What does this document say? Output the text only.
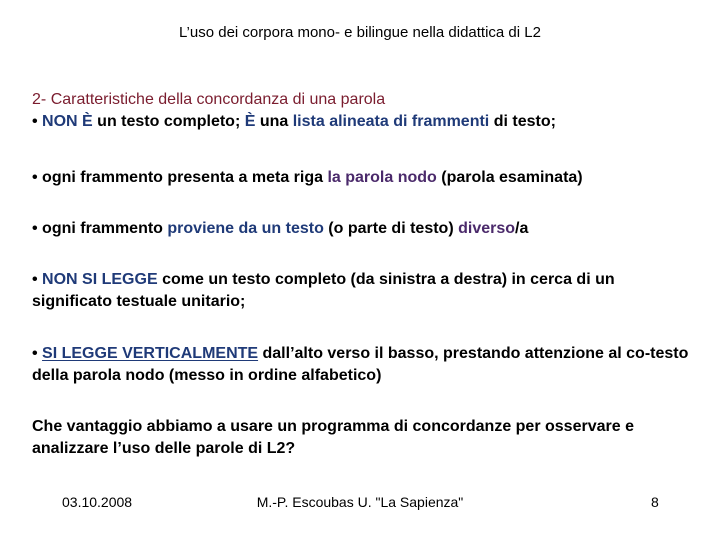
L’uso dei corpora mono- e bilingue nella didattica di L2
2- Caratteristiche della concordanza di una parola
• NON È un testo completo; È una lista alineata di frammenti di testo;
• ogni frammento presenta a meta riga la parola nodo (parola esaminata)
• ogni frammento proviene da un testo (o parte di testo) diverso/a
• NON SI LEGGE come un testo completo (da sinistra a destra) in cerca di un significato testuale unitario;
• SI LEGGE VERTICALMENTE dall’alto verso il basso, prestando attenzione al co-testo della parola nodo (messo in ordine alfabetico)
Che vantaggio abbiamo a usare un programma di concordanze per osservare e analizzare l’uso delle parole di L2?
03.10.2008	M.-P. Escoubas U. "La Sapienza"	8
